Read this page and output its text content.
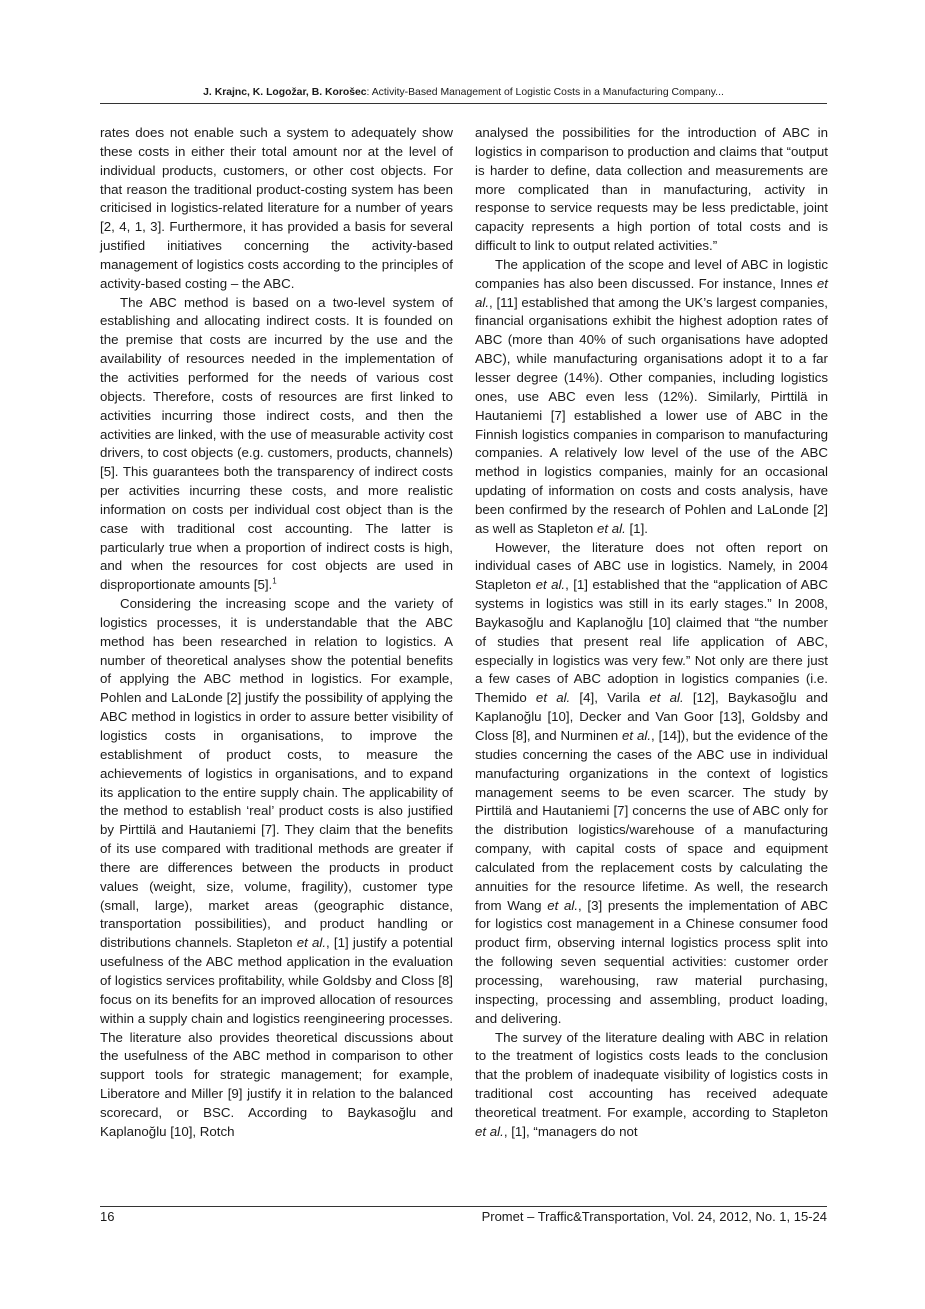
J. Krajnc, K. Logožar, B. Korošec: Activity-Based Management of Logistic Costs in a Manufacturing Company...

rates does not enable such a system to adequately show these costs in either their total amount nor at the level of individual products, customers, or other cost objects. For that reason the traditional product-costing system has been criticised in logistics-related literature for a number of years [2, 4, 1, 3]. Furthermore, it has provided a basis for several justified initiatives concerning the activity-based management of logistics costs according to the principles of activity-based costing – the ABC.

The ABC method is based on a two-level system of establishing and allocating indirect costs. It is founded on the premise that costs are incurred by the use and the availability of resources needed in the implementation of the activities performed for the needs of various cost objects. Therefore, costs of resources are first linked to activities incurring those indirect costs, and then the activities are linked, with the use of measurable activity cost drivers, to cost objects (e.g. customers, products, channels) [5]. This guarantees both the transparency of indirect costs per activities incurring these costs, and more realistic information on costs per individual cost object than is the case with traditional cost accounting. The latter is particularly true when a proportion of indirect costs is high, and when the resources for cost objects are used in disproportionate amounts [5].$^1$

Considering the increasing scope and the variety of logistics processes, it is understandable that the ABC method has been researched in relation to logistics. A number of theoretical analyses show the potential benefits of applying the ABC method in logistics. For example, Pohlen and LaLonde [2] justify the possibility of applying the ABC method in logistics in order to assure better visibility of logistics costs in organisations, to improve the establishment of product costs, to measure the achievements of logistics in organisations, and to expand its application to the entire supply chain. The applicability of the method to establish ‘real’ product costs is also justified by Pirttilä and Hautaniemi [7]. They claim that the benefits of its use compared with traditional methods are greater if there are differences between the products in product values (weight, size, volume, fragility), customer type (small, large), market areas (geographic distance, transportation possibilities), and product handling or distributions channels. Stapleton et al., [1] justify a potential usefulness of the ABC method application in the evaluation of logistics services profitability, while Goldsby and Closs [8] focus on its benefits for an improved allocation of resources within a supply chain and logistics reengineering processes. The literature also provides theoretical discussions about the usefulness of the ABC method in comparison to other support tools for strategic management; for example, Liberatore and Miller [9] justify it in relation to the balanced scorecard, or BSC. According to Baykasoğlu and Kaplanoğlu [10], Rotch

analysed the possibilities for the introduction of ABC in logistics in comparison to production and claims that “output is harder to define, data collection and measurements are more complicated than in manufacturing, activity in response to service requests may be less predictable, joint capacity represents a high portion of total costs and is difficult to link to output related activities.”

The application of the scope and level of ABC in logistic companies has also been discussed. For instance, Innes et al., [11] established that among the UK’s largest companies, financial organisations exhibit the highest adoption rates of ABC (more than 40% of such organisations have adopted ABC), while manufacturing organisations adopt it to a far lesser degree (14%). Other companies, including logistics ones, use ABC even less (12%). Similarly, Pirttilä in Hautaniemi [7] established a lower use of ABC in the Finnish logistics companies in comparison to manufacturing companies. A relatively low level of the use of the ABC method in logistics companies, mainly for an occasional updating of information on costs and costs analysis, have been confirmed by the research of Pohlen and LaLonde [2] as well as Stapleton et al. [1].

However, the literature does not often report on individual cases of ABC use in logistics. Namely, in 2004 Stapleton et al., [1] established that the “application of ABC systems in logistics was still in its early stages.” In 2008, Baykasoğlu and Kaplanoğlu [10] claimed that “the number of studies that present real life application of ABC, especially in logistics was very few.” Not only are there just a few cases of ABC adoption in logistics companies (i.e. Themido et al. [4], Varila et al. [12], Baykasoğlu and Kaplanoğlu [10], Decker and Van Goor [13], Goldsby and Closs [8], and Nurminen et al., [14]), but the evidence of the studies concerning the cases of the ABC use in individual manufacturing organizations in the context of logistics management seems to be even scarcer. The study by Pirttilä and Hautaniemi [7] concerns the use of ABC only for the distribution logistics/warehouse of a manufacturing company, with capital costs of space and equipment calculated from the replacement costs by calculating the annuities for the resource lifetime. As well, the research from Wang et al., [3] presents the implementation of ABC for logistics cost management in a Chinese consumer food product firm, observing internal logistics process split into the following seven sequential activities: customer order processing, warehousing, raw material purchasing, inspecting, processing and assembling, product loading, and delivering.

The survey of the literature dealing with ABC in relation to the treatment of logistics costs leads to the conclusion that the problem of inadequate visibility of logistics costs in traditional cost accounting has received adequate theoretical treatment. For example, according to Stapleton et al., [1], “managers do not

16	Promet – Traffic&Transportation, Vol. 24, 2012, No. 1, 15-24
